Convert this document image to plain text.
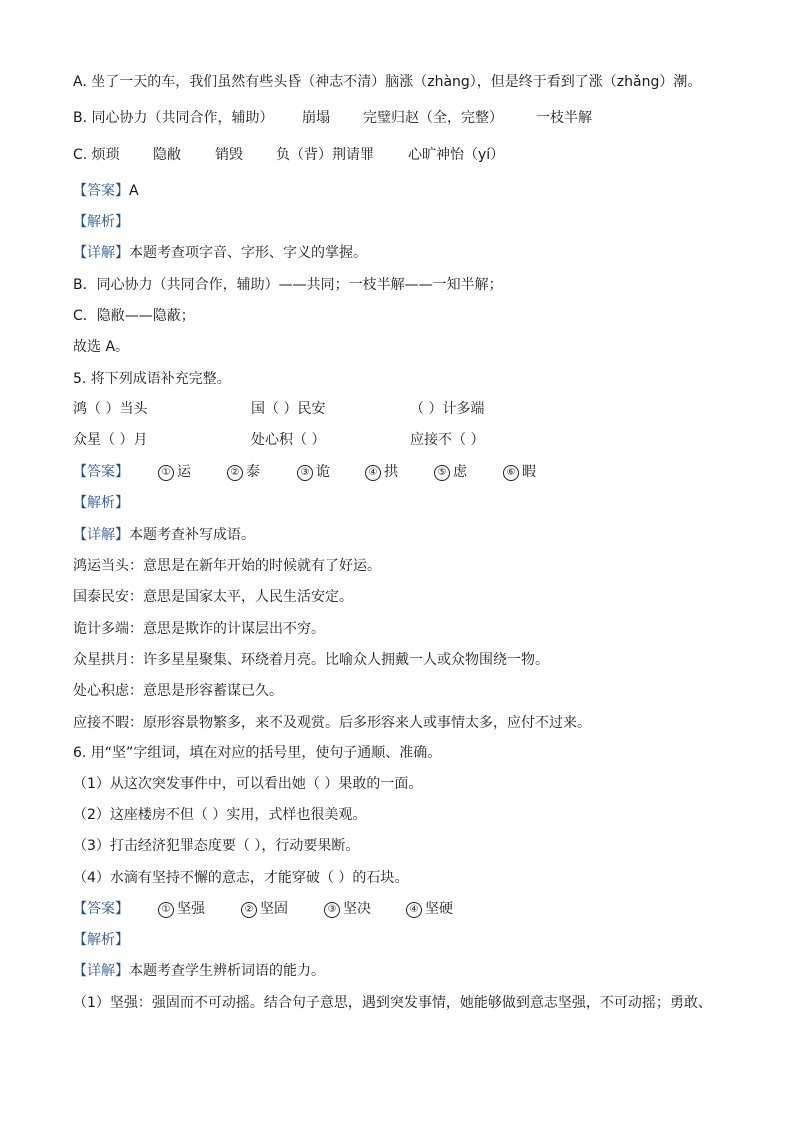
A. 坐了一天的车，我们虽然有些头昏（神志不清）脑涨（zhàng），但是终于看到了涨（zhǎng）潮。
B. 同心协力（共同合作，辅助） 崩塌 完璧归赵（全，完整） 一枝半解
C. 烦琐 隐敝 销毁 负（背）荆请罪 心旷神怡（yí）
【答案】A
【解析】
【详解】本题考查项字音、字形、字义的掌握。
B．同心协力（共同合作，辅助）——共同；一枝半解——一知半解；
C．隐敝——隐蔽；
故选 A。
5. 将下列成语补充完整。
鸿（ ）当头	国（ ）民安	（ ）计多端
众星（ ）月	处心积（ ）	应接不（ ）
【答案】	① 运	② 泰	③ 诡	④ 拱	⑤ 虑	⑥ 暇
【解析】
【详解】本题考查补写成语。
鸿运当头：意思是在新年开始的时候就有了好运。
国泰民安：意思是国家太平，人民生活安定。
诡计多端：意思是欺诈的计谋层出不穷。
众星拱月：许多星星聚集、环绕着月亮。比喻众人拥戴一人或众物围绕一物。
处心积虑：意思是形容蓄谋已久。
应接不暇：原形容景物繁多，来不及观赏。后多形容来人或事情太多，应付不过来。
6. 用“坚”字组词，填在对应的括号里，使句子通顺、准确。
（1）从这次突发事件中，可以看出她（ ）果敢的一面。
（2）这座楼房不但（ ）实用，式样也很美观。
（3）打击经济犯罪态度要（ ），行动要果断。
（4）水滴有坚持不懈的意志，才能穿破（ ）的石块。
【答案】	① 坚强	② 坚固	③ 坚决	④ 坚硬
【解析】
【详解】本题考查学生辨析词语的能力。
（1）坚强：强固而不可动摇。结合句子意思，遇到突发事情，她能够做到意志坚强，不可动摇；勇敢、
